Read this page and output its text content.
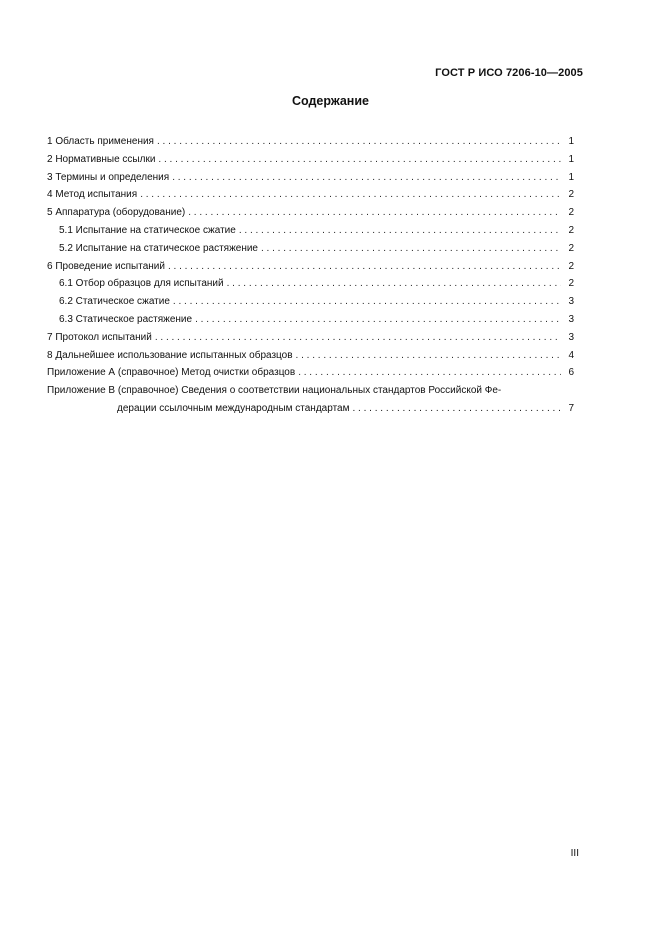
ГОСТ Р ИСО 7206-10—2005
Содержание
1 Область применения . . .	1
2 Нормативные ссылки . . .	1
3 Термины и определения . . .	1
4 Метод испытания . . .	2
5 Аппаратура (оборудование) . . .	2
5.1 Испытание на статическое сжатие . . .	2
5.2 Испытание на статическое растяжение . . .	2
6 Проведение испытаний . . .	2
6.1 Отбор образцов для испытаний . . .	2
6.2 Статическое сжатие . . .	3
6.3 Статическое растяжение . . .	3
7 Протокол испытаний . . .	3
8 Дальнейшее использование испытанных образцов . . .	4
Приложение А (справочное) Метод очистки образцов . . .	6
Приложение В (справочное) Сведения о соответствии национальных стандартов Российской Фе-
дерации ссылочным международным стандартам . . .	7
III
